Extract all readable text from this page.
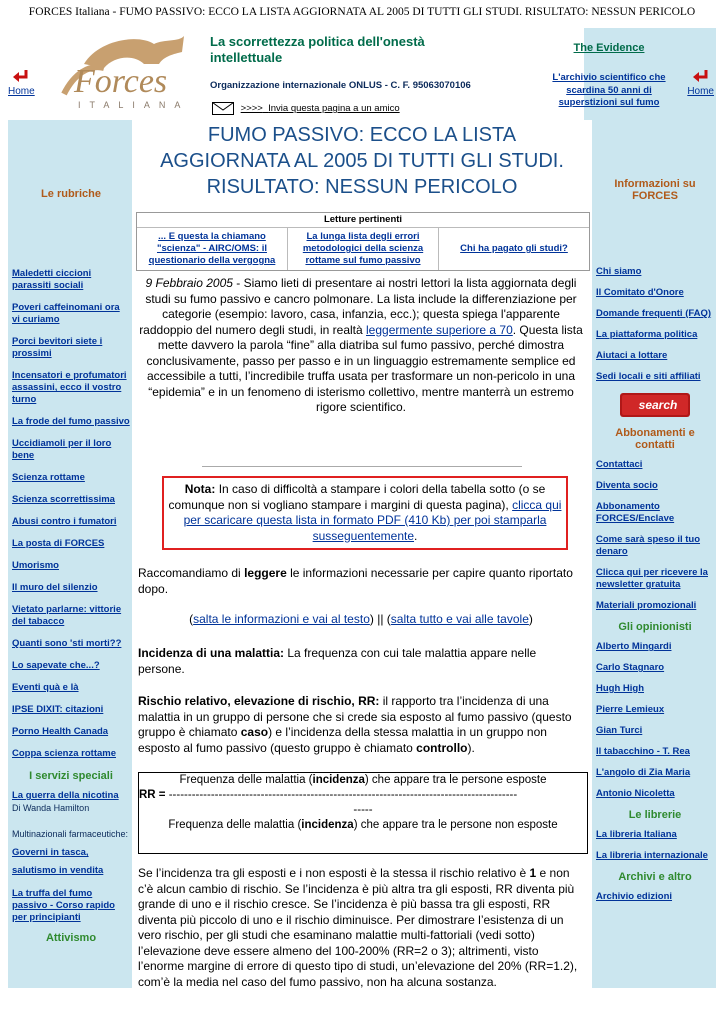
FORCES Italiana - FUMO PASSIVO: ECCO LA LISTA AGGIORNATA AL 2005 DI TUTTI GLI STUDI. RISULTATO: NESSUN PERICOLO
Home Forces
ITALIANA
La scorrettezza politica dell'onestà intellettuale
Organizzazione internazionale ONLUS - C. F. 95063070106
>>>> Invia questa pagina a un amico
The Evidence
L'archivio scientifico che scardina 50 anni di superstizioni sul fumo
Home
Le rubriche
Maledetti ciccioni parassiti sociali
Poveri caffeinomani ora vi curiamo
Porci bevitori siete i prossimi
Incensatori e profumatori assassini, ecco il vostro turno
La frode del fumo passivo
Uccidiamoli per il loro bene
Scienza rottame
Scienza scorrettissima
Abusi contro i fumatori
La posta di FORCES
Umorismo
Il muro del silenzio
Vietato parlarne: vittorie del tabacco
Quanti sono 'sti morti??
Lo sapevate che...?
Eventi quà e là
IPSE DIXIT: citazioni
Porno Health Canada
Coppa scienza rottame
I servizi speciali
La guerra della nicotina
Di Wanda Hamilton
Multinazionali farmaceutiche: Governi in tasca, salutismo in vendita
La truffa del fumo passivo - Corso rapido per principianti
Attivismo
FUMO PASSIVO: ECCO LA LISTA AGGIORNATA AL 2005 DI TUTTI GLI STUDI. RISULTATO: NESSUN PERICOLO
Letture pertinenti
... E questa la chiamano "scienza" - AIRC/OMS: il questionario della vergogna
La lunga lista degli errori metodologici della scienza rottame sul fumo passivo
Chi ha pagato gli studi?
9 Febbraio 2005 - Siamo lieti di presentare ai nostri lettori la lista aggiornata degli studi su fumo passivo e cancro polmonare. La lista include la differenziazione per categorie (esempio: lavoro, casa, infanzia, ecc.); questa spiega l'apparente raddoppio del numero degli studi, in realtà leggermente superiore a 70. Questa lista mette davvero la parola “fine” alla diatriba sul fumo passivo, perché dimostra conclusivamente, passo per passo e in un linguaggio estremamente semplice ed accessibile a tutti, l’incredibile truffa usata per trasformare un non-pericolo in una “epidemia” e in un fenomeno di isterismo collettivo, mentre manterrà un estremo rigore scientifico.
Nota: In caso di difficoltà a stampare i colori della tabella sotto (o se comunque non si vogliano stampare i margini di questa pagina), clicca qui per scaricare questa lista in formato PDF (410 Kb) per poi stamparla susseguentemente.
Raccomandiamo di leggere le informazioni necessarie per capire quanto riportato dopo.
(salta le informazioni e vai al testo) || (salta tutto e vai alle tavole)
Incidenza di una malattia: La frequenza con cui tale malattia appare nelle persone.
Rischio relativo, elevazione di rischio, RR: il rapporto tra l’incidenza di una malattia in un gruppo di persone che si crede sia esposto al fumo passivo (questo gruppo è chiamato caso) e l’incidenza della stessa malattia in un gruppo non esposto al fumo passivo (questo gruppo è chiamato controllo).
Frequenza delle malattia (incidenza) che appare tra le persone esposte
RR = -------------------------------------------------------------------------------------------
-----
Frequenza delle malattia (incidenza) che appare tra le persone non esposte
Se l’incidenza tra gli esposti e i non esposti è la stessa il rischio relativo è 1 e non c’è alcun cambio di rischio. Se l’incidenza è più altra tra gli esposti, RR diventa più grande di uno e il rischio cresce. Se l’incidenza è più bassa tra gli esposti, RR diventa più piccolo di uno e il rischio diminuisce. Per dimostrare l’esistenza di un vero rischio, per gli studi che esaminano malattie multi-fattoriali (vedi sotto) l’elevazione deve essere almeno del 100-200% (RR=2 o 3); altrimenti, visto l’enorme margine di errore di questo tipo di studi, un’elevazione del 20% (RR=1.2), com’è la media nel caso del fumo passivo, non ha alcuna sostanza.
Informazioni su FORCES
Chi siamo
Il Comitato d'Onore
Domande frequenti (FAQ)
La piattaforma politica
Aiutaci a lottare
Sedi locali e siti affiliati
search
Abbonamenti e contatti
Contattaci
Diventa socio
Abbonamento FORCES/Enclave
Come sarà speso il tuo denaro
Clicca qui per ricevere la newsletter gratuita
Materiali promozionali
Gli opinionisti
Alberto Mingardi
Carlo Stagnaro
Hugh High
Pierre Lemieux
Gian Turci
Il tabacchino - T. Rea
L'angolo di Zia Maria
Antonio Nicoletta
Le librerie
La libreria Italiana
La libreria internazionale
Archivi e altro
Archivio edizioni
